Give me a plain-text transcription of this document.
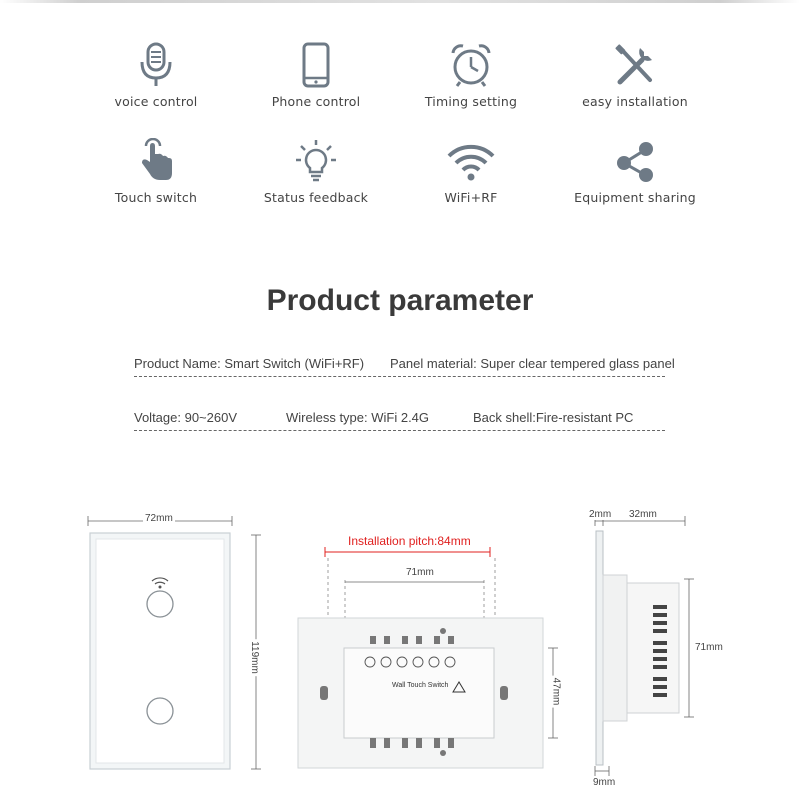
voice control	Phone control	Timing setting	easy installation
Touch switch	Status feedback	WiFi+RF	Equipment sharing
Product parameter
Product Name: Smart Switch (WiFi+RF) Panel material: Super clear tempered glass panel
Voltage: 90~260V	Wireless type: WiFi 2.4G	Back shell:Fire-resistant PC
72mm
119mm
Installation pitch:84mm
71mm
47mm
Wall Touch Switch
2mm 32mm
71mm
9mm
